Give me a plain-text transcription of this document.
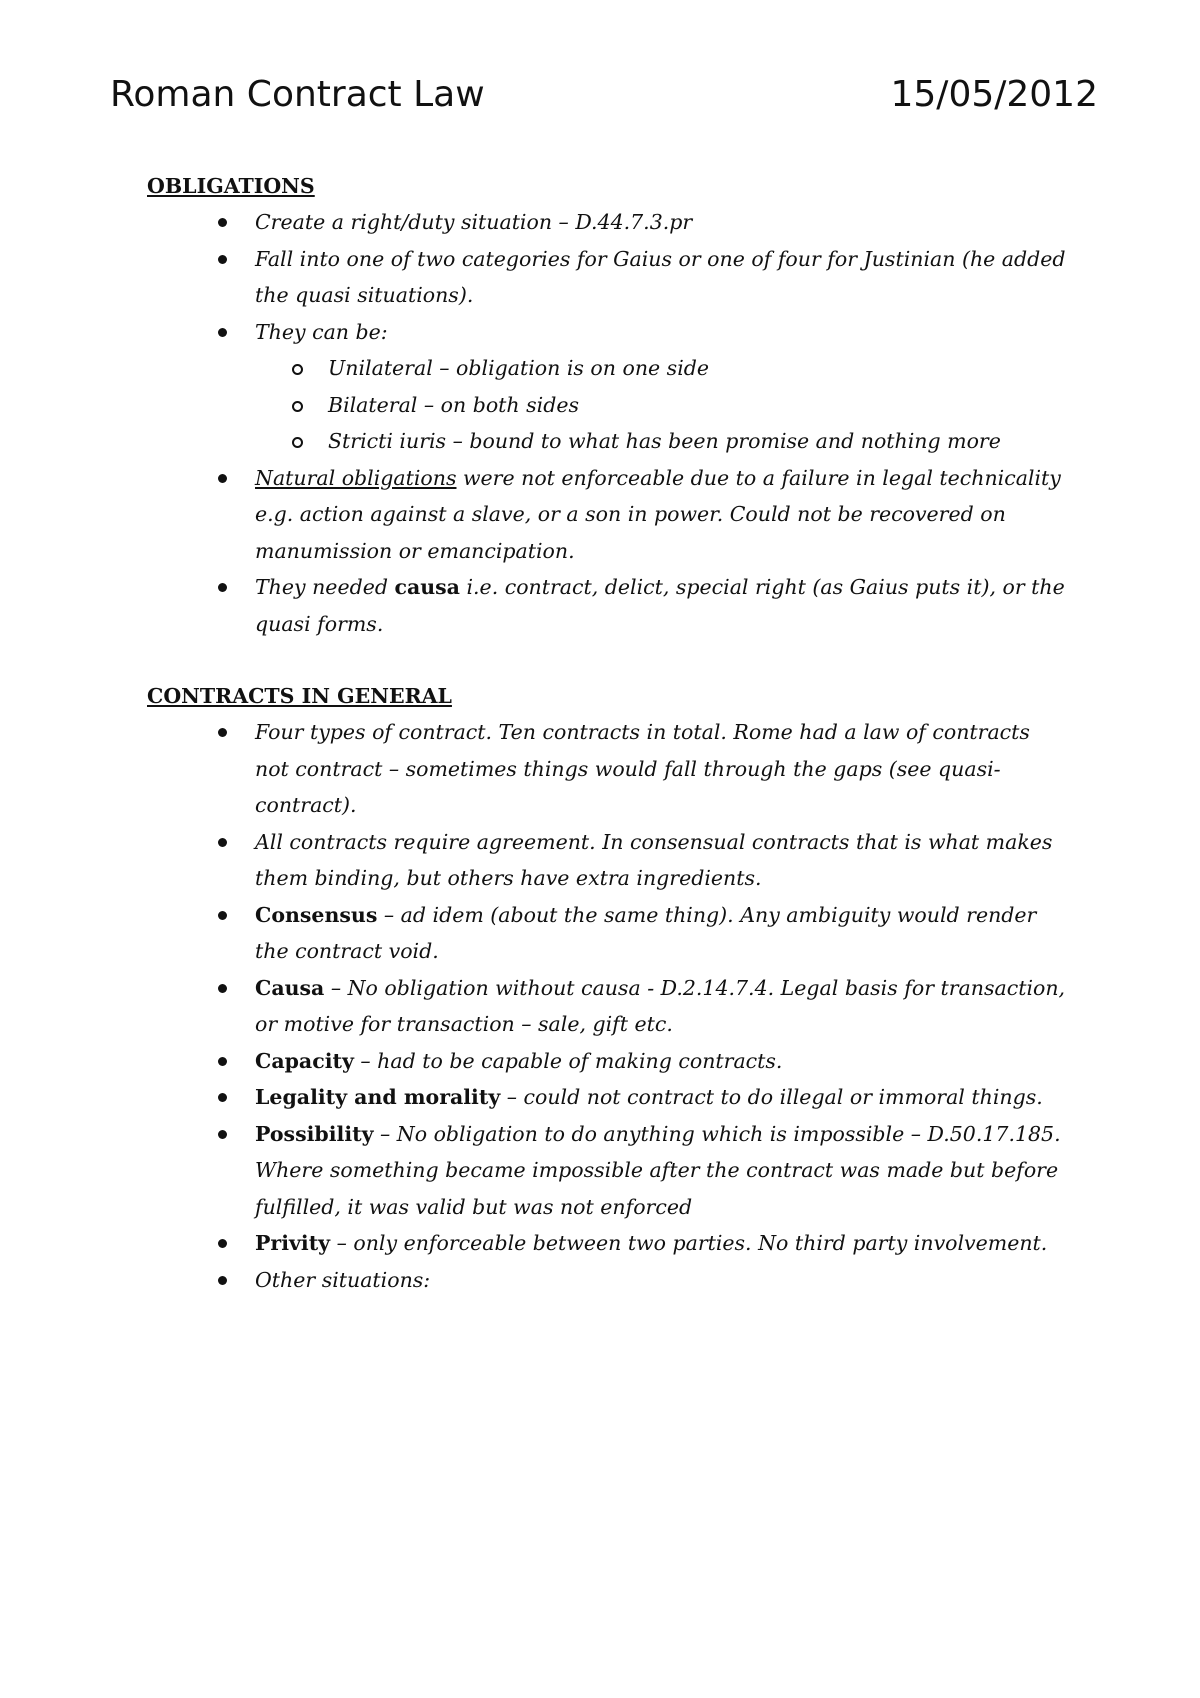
Roman Contract Law	15/05/2012
OBLIGATIONS
Create a right/duty situation – D.44.7.3.pr
Fall into one of two categories for Gaius or one of four for Justinian (he added the quasi situations).
They can be:
Unilateral – obligation is on one side
Bilateral – on both sides
Stricti iuris – bound to what has been promise and nothing more
Natural obligations were not enforceable due to a failure in legal technicality e.g. action against a slave, or a son in power. Could not be recovered on manumission or emancipation.
They needed causa i.e. contract, delict, special right (as Gaius puts it), or the quasi forms.
CONTRACTS IN GENERAL
Four types of contract. Ten contracts in total. Rome had a law of contracts not contract – sometimes things would fall through the gaps (see quasi-contract).
All contracts require agreement. In consensual contracts that is what makes them binding, but others have extra ingredients.
Consensus – ad idem (about the same thing). Any ambiguity would render the contract void.
Causa – No obligation without causa - D.2.14.7.4. Legal basis for transaction, or motive for transaction – sale, gift etc.
Capacity – had to be capable of making contracts.
Legality and morality – could not contract to do illegal or immoral things.
Possibility – No obligation to do anything which is impossible – D.50.17.185. Where something became impossible after the contract was made but before fulfilled, it was valid but was not enforced
Privity – only enforceable between two parties. No third party involvement.
Other situations:
